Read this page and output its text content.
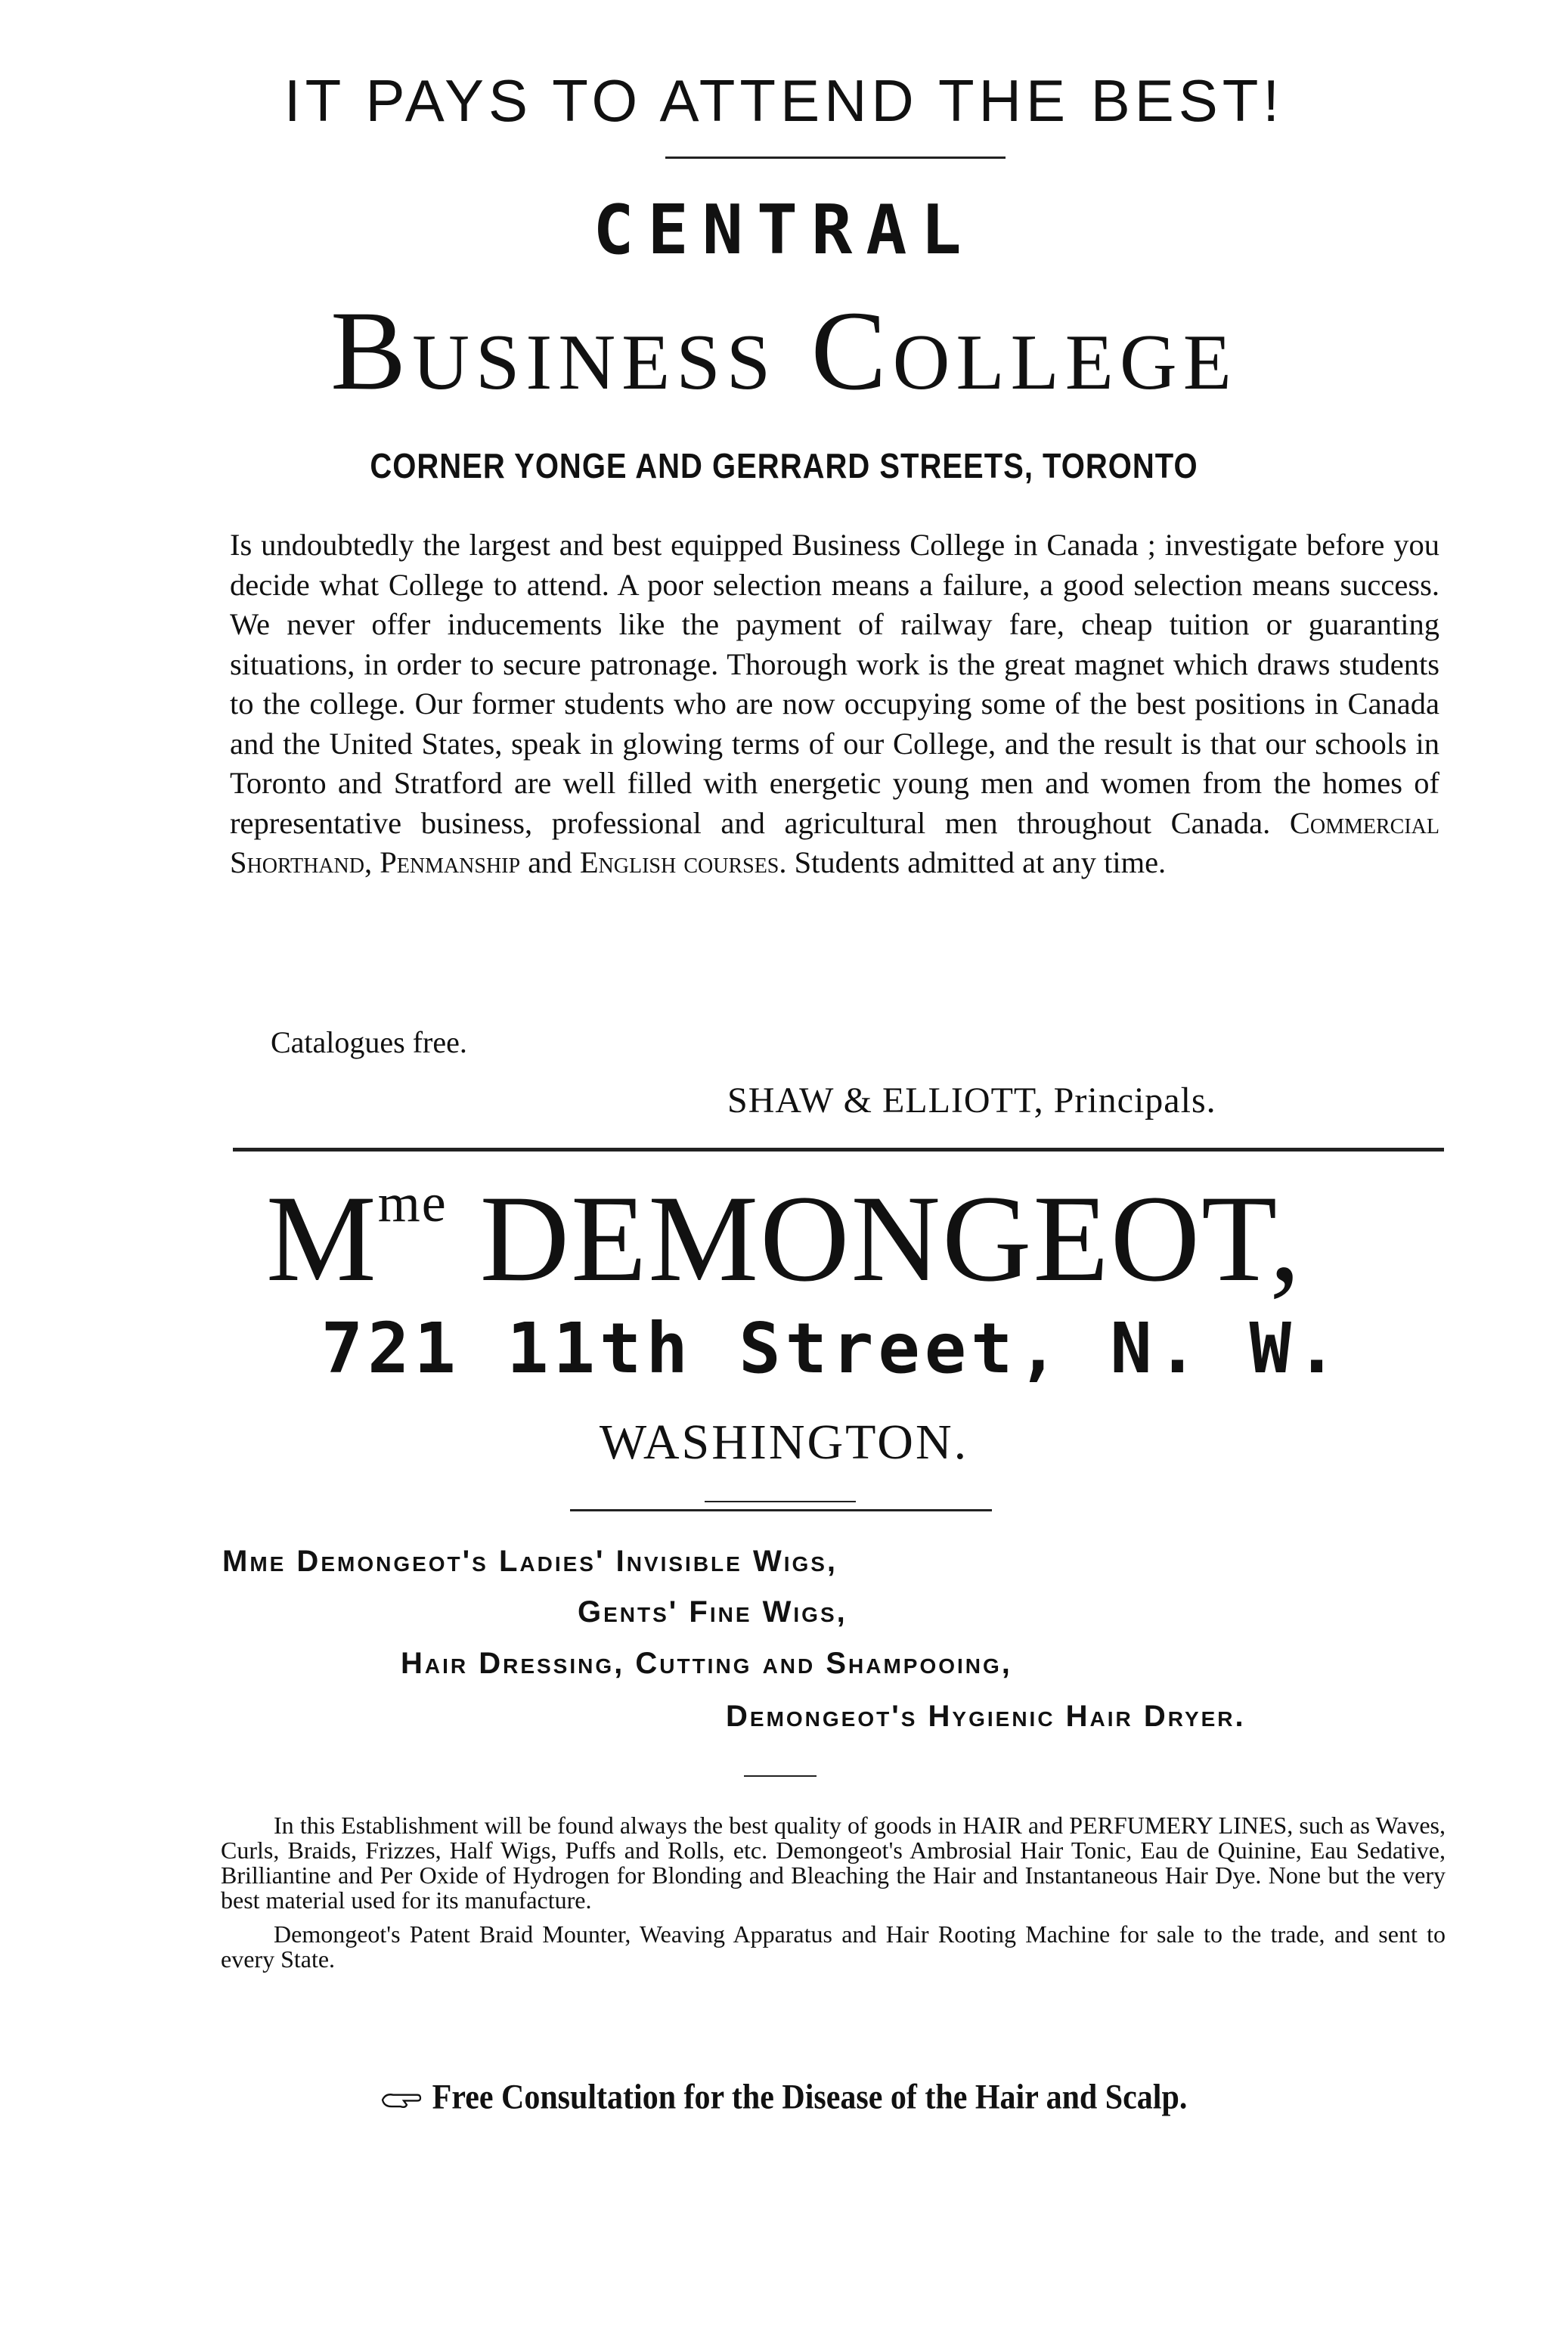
IT PAYS TO ATTEND THE BEST!
CENTRAL
Business College
CORNER YONGE AND GERRARD STREETS, TORONTO
Is undoubtedly the largest and best equipped Business College in Canada ; investigate before you decide what College to attend. A poor selection means a failure, a good selection means success. We never offer inducements like the payment of railway fare, cheap tuition or guaranting situations, in order to secure patronage. Thorough work is the great magnet which draws students to the college. Our former students who are now occupying some of the best positions in Canada and the United States, speak in glowing terms of our College, and the result is that our schools in Toronto and Stratford are well filled with energetic young men and women from the homes of representative business, professional and agricultural men throughout Canada. Commercial Shorthand, Penmanship and English courses. Students admitted at any time.
Catalogues free.
SHAW & ELLIOTT, Principals.
$M^{me}$ DEMONGEOT,
721 11th Street, N. W.
WASHINGTON.
Mme Demongeot's Ladies' Invisible Wigs,
Gents' Fine Wigs,
Hair Dressing, Cutting and Shampooing,
Demongeot's Hygienic Hair Dryer.

In this Establishment will be found always the best quality of goods in HAIR and PERFUMERY LINES, such as Waves, Curls, Braids, Frizzes, Half Wigs, Puffs and Rolls, etc. Demongeot's Ambrosial Hair Tonic, Eau de Quinine, Eau Sedative, Brilliantine and Per Oxide of Hydrogen for Blonding and Bleaching the Hair and Instantaneous Hair Dye. None but the very best material used for its manufacture.

Demongeot's Patent Braid Mounter, Weaving Apparatus and Hair Rooting Machine for sale to the trade, and sent to every State.

Free Consultation for the Disease of the Hair and Scalp.
